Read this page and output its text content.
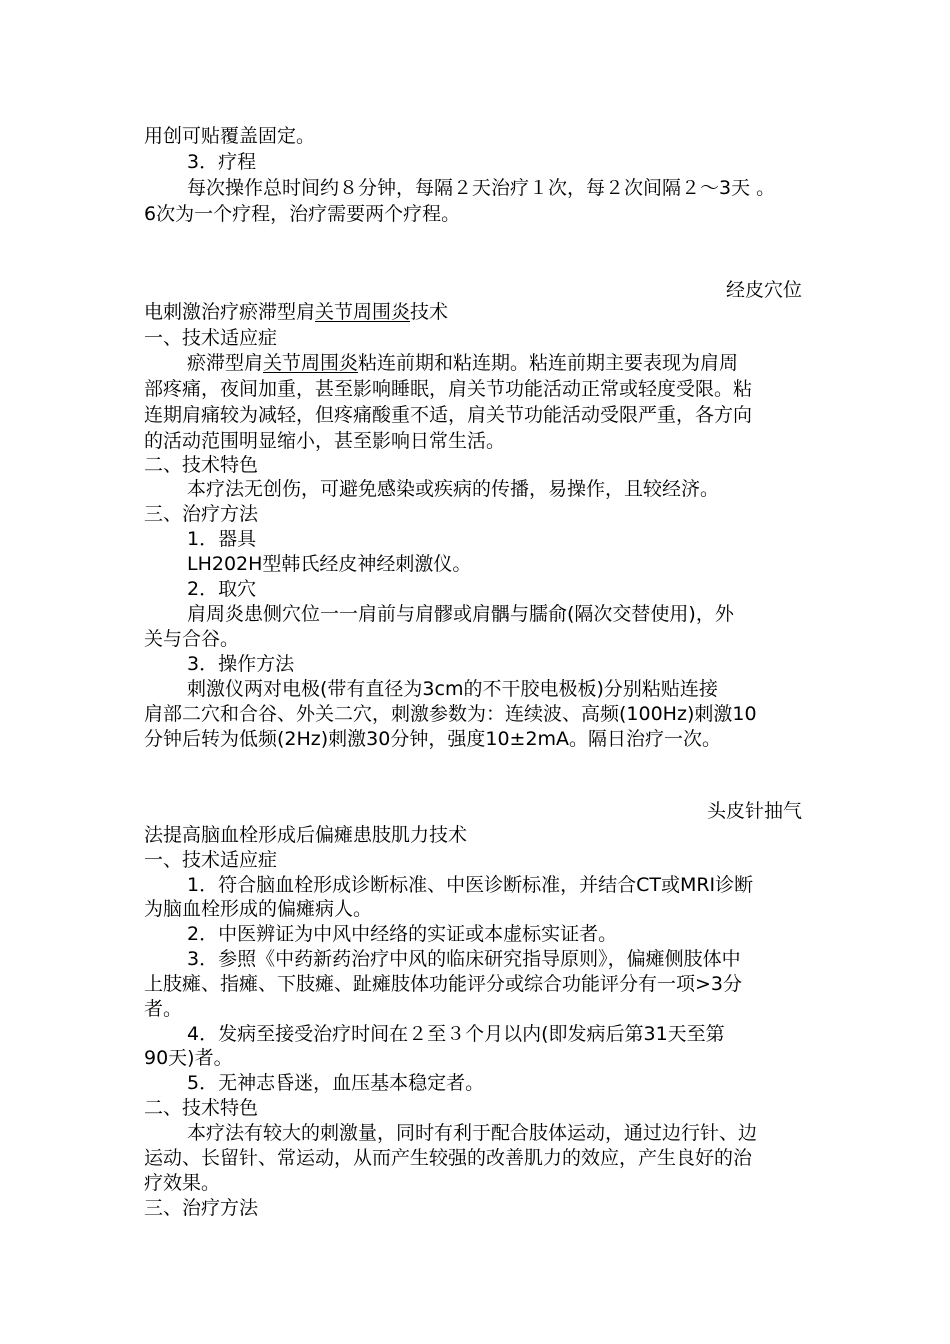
用创可贴覆盖固定。
3．疗程
每次操作总时间约８分钟，每隔２天治疗１次，每２次间隔２～3天 。
6次为一个疗程，治疗需要两个疗程。
经皮穴位
电刺激治疗瘀滞型肩关节周围炎技术
一、技术适应症
瘀滞型肩关节周围炎粘连前期和粘连期。粘连前期主要表现为肩周
部疼痛，夜间加重，甚至影响睡眠，肩关节功能活动正常或轻度受限。粘
连期肩痛较为减轻，但疼痛酸重不适，肩关节功能活动受限严重，各方向
的活动范围明显缩小，甚至影响日常生活。
二、技术特色
本疗法无创伤，可避免感染或疾病的传播，易操作，且较经济。
三、治疗方法
1．器具
LH202H型韩氏经皮神经刺激仪。
2．取穴
肩周炎患侧穴位一一肩前与肩髎或肩髃与臑俞(隔次交替使用)，外
关与合谷。
3．操作方法
刺激仪两对电极(带有直径为3cm的不干胶电极板)分别粘贴连接
肩部二穴和合谷、外关二穴，刺激参数为：连续波、高频(100Hz)刺激10
分钟后转为低频(2Hz)刺激30分钟，强度10±2mA。隔日治疗一次。
头皮针抽气
法提高脑血栓形成后偏瘫患肢肌力技术
一、技术适应症
1．符合脑血栓形成诊断标准、中医诊断标准，并结合CT或MRI诊断
为脑血栓形成的偏瘫病人。
2．中医辨证为中风中经络的实证或本虚标实证者。
3．参照《中药新药治疗中风的临床研究指导原则》，偏瘫侧肢体中
上肢瘫、指瘫、下肢瘫、趾瘫肢体功能评分或综合功能评分有一项>3分
者。
4．发病至接受治疗时间在２至３个月以内(即发病后第31天至第
90天)者。
5．无神志昏迷，血压基本稳定者。
二、技术特色
本疗法有较大的刺激量，同时有利于配合肢体运动，通过边行针、边
运动、长留针、常运动，从而产生较强的改善肌力的效应，产生良好的治
疗效果。
三、治疗方法
